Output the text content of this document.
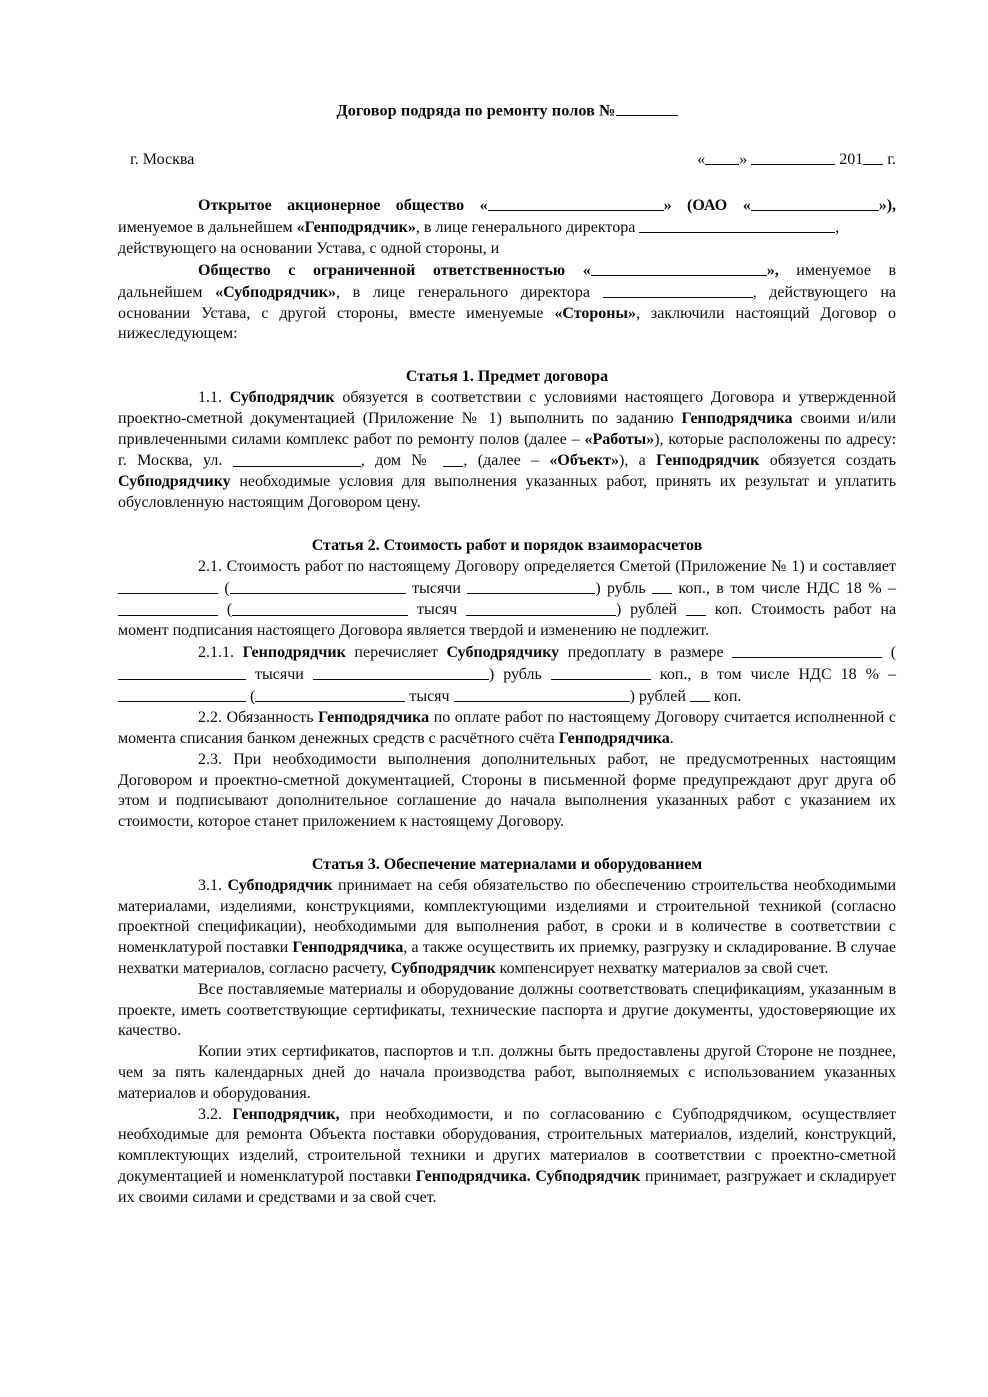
Договор подряда по ремонту полов №
г. Москва	« »	201 г.

Открытое акционерное общество «	» (ОАО «	»), именуемое в дальнейшем «Генподрядчик», в лице генерального директора	,

действующего на основании Устава, с одной стороны, и

Общество с ограниченной ответственностью «	», именуемое в дальнейшем «Субподрядчик», в лице генерального директора	, действующего на основании Устава, с другой стороны, вместе именуемые «Стороны», заключили настоящий Договор о нижеследующем:

Статья 1. Предмет договора

1.1. Субподрядчик обязуется в соответствии с условиями настоящего Договора и утвержденной проектно-сметной документацией (Приложение № 1) выполнить по заданию Генподрядчика своими и/или привлеченными силами комплекс работ по ремонту полов (далее – «Работы»), которые расположены по адресу: г. Москва, ул.	, дом № , (далее – «Объект»), а Генподрядчик обязуется создать Субподрядчику необходимые условия для выполнения указанных работ, принять их результат и уплатить обусловленную настоящим Договором цену.

Статья 2. Стоимость работ и порядок взаиморасчетов

2.1. Стоимость работ по настоящему Договору определяется Сметой (Приложение № 1) и составляет  (	тысячи	) рубль коп., в том числе НДС 18 % –  (	тысяч	) рублей коп. Стоимость работ на момент подписания настоящего Договора является твердой и изменению не подлежит.

2.1.1. Генподрядчик перечисляет Субподрядчику предоплату в размере	( тысячи	) рубль	коп., в том числе НДС 18 % –  (	тысяч	) рублей коп.

2.2. Обязанность Генподрядчика по оплате работ по настоящему Договору считается исполненной с момента списания банком денежных средств с расчётного счёта Генподрядчика.

2.3. При необходимости выполнения дополнительных работ, не предусмотренных настоящим Договором и проектно-сметной документацией, Стороны в письменной форме предупреждают друг друга об этом и подписывают дополнительное соглашение до начала выполнения указанных работ с указанием их стоимости, которое станет приложением к настоящему Договору.

Статья 3. Обеспечение материалами и оборудованием

3.1. Субподрядчик принимает на себя обязательство по обеспечению строительства необходимыми материалами, изделиями, конструкциями, комплектующими изделиями и строительной техникой (согласно проектной спецификации), необходимыми для выполнения работ, в сроки и в количестве в соответствии с номенклатурой поставки Генподрядчика, а также осуществить их приемку, разгрузку и складирование. В случае нехватки материалов, согласно расчету, Субподрядчик компенсирует нехватку материалов за свой счет.

Все поставляемые материалы и оборудование должны соответствовать спецификациям, указанным в проекте, иметь соответствующие сертификаты, технические паспорта и другие документы, удостоверяющие их качество.

Копии этих сертификатов, паспортов и т.п. должны быть предоставлены другой Стороне не позднее, чем за пять календарных дней до начала производства работ, выполняемых с использованием указанных материалов и оборудования.

3.2. Генподрядчик, при необходимости, и по согласованию с Субподрядчиком, осуществляет необходимые для ремонта Объекта поставки оборудования, строительных материалов, изделий, конструкций, комплектующих изделий, строительной техники и других материалов в соответствии с проектно-сметной документацией и номенклатурой поставки Генподрядчика. Субподрядчик принимает, разгружает и складирует их своими силами и средствами и за свой счет.
